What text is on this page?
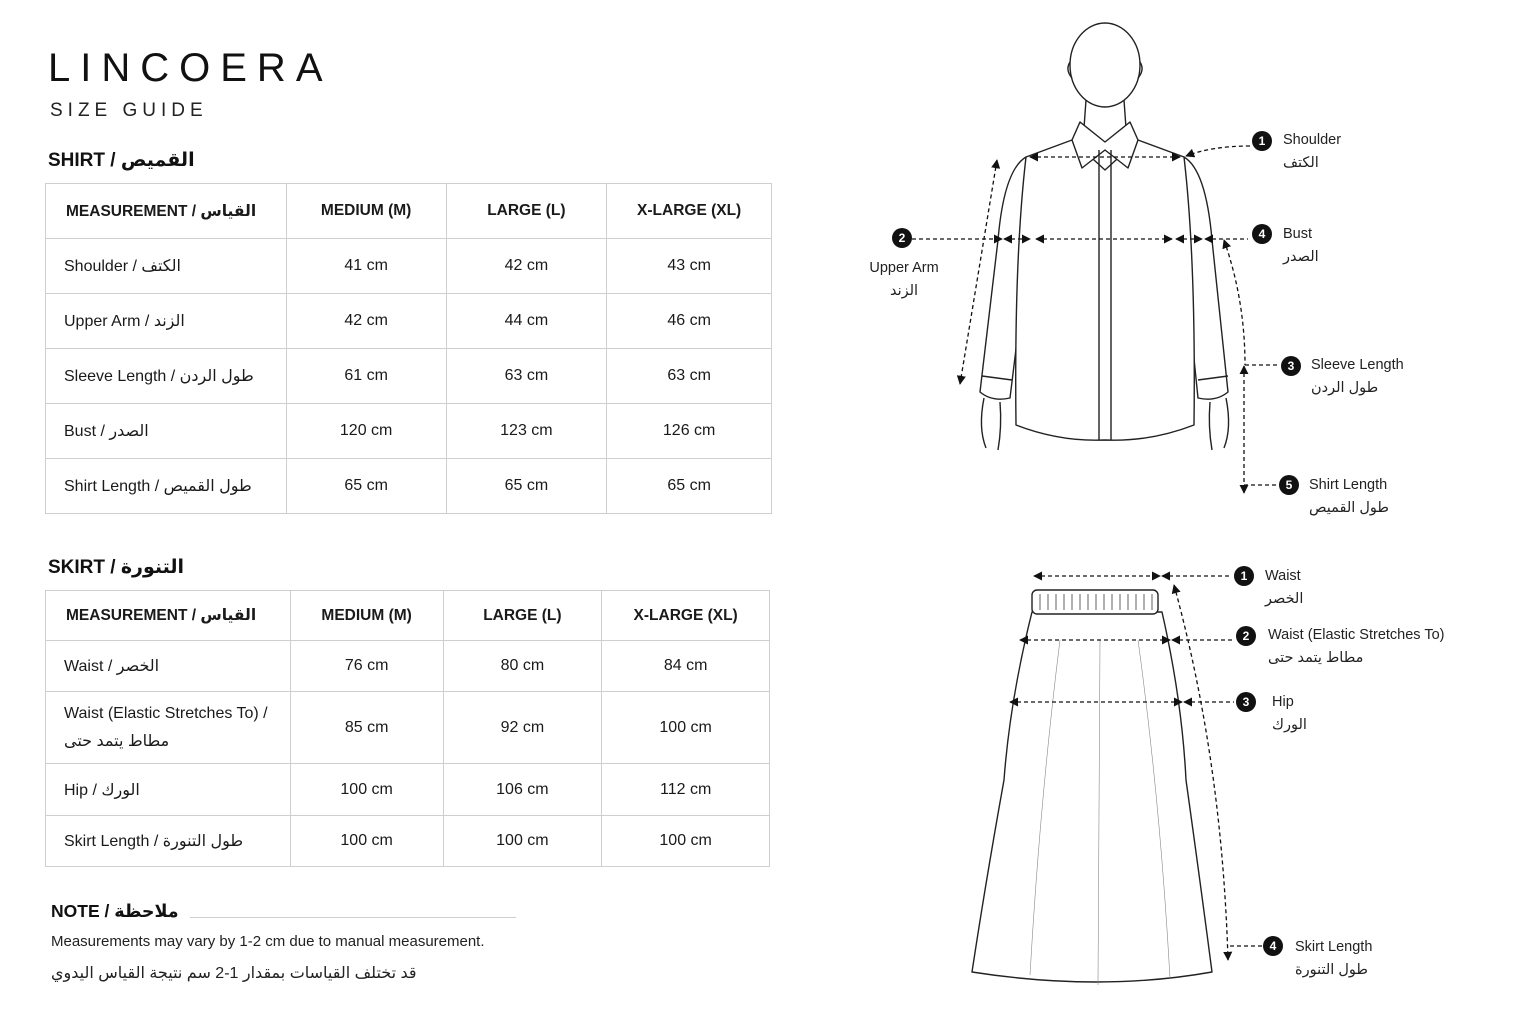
LINCOERA
SIZE GUIDE
SHIRT / القميص
MEASUREMENT / القياس	MEDIUM (M)	LARGE (L)	X-LARGE (XL)
Shoulder / الكتف	41 cm	42 cm	43 cm
Upper Arm / الزند	42 cm	44 cm	46 cm
Sleeve Length / طول الردن	61 cm	63 cm	63 cm
Bust / الصدر	120 cm	123 cm	126 cm
Shirt Length / طول القميص	65 cm	65 cm	65 cm
SKIRT / التنورة
MEASUREMENT / القياس	MEDIUM (M)	LARGE (L)	X-LARGE (XL)
Waist / الخصر	76 cm	80 cm	84 cm

Waist (Elastic Stretches To) /
مطاط يتمد حتى	85 cm	92 cm	100 cm
Hip / الورك	100 cm	106 cm	112 cm
Skirt Length / طول التنورة	100 cm	100 cm	100 cm
NOTE / ملاحظة
Measurements may vary by 1-2 cm due to manual measurement.
قد تختلف القياسات بمقدار 1-2 سم نتيجة القياس اليدوي
1
2
3
4
5
1
2
3
4
Shoulder
الكتف
Upper Arm
الزند
Bust
الصدر
Sleeve Length
طول الردن
Shirt Length
طول القميص
Waist
الخصر
Waist (Elastic Stretches To)
مطاط يتمد حتى
Hip
الورك
Skirt Length
طول التنورة
